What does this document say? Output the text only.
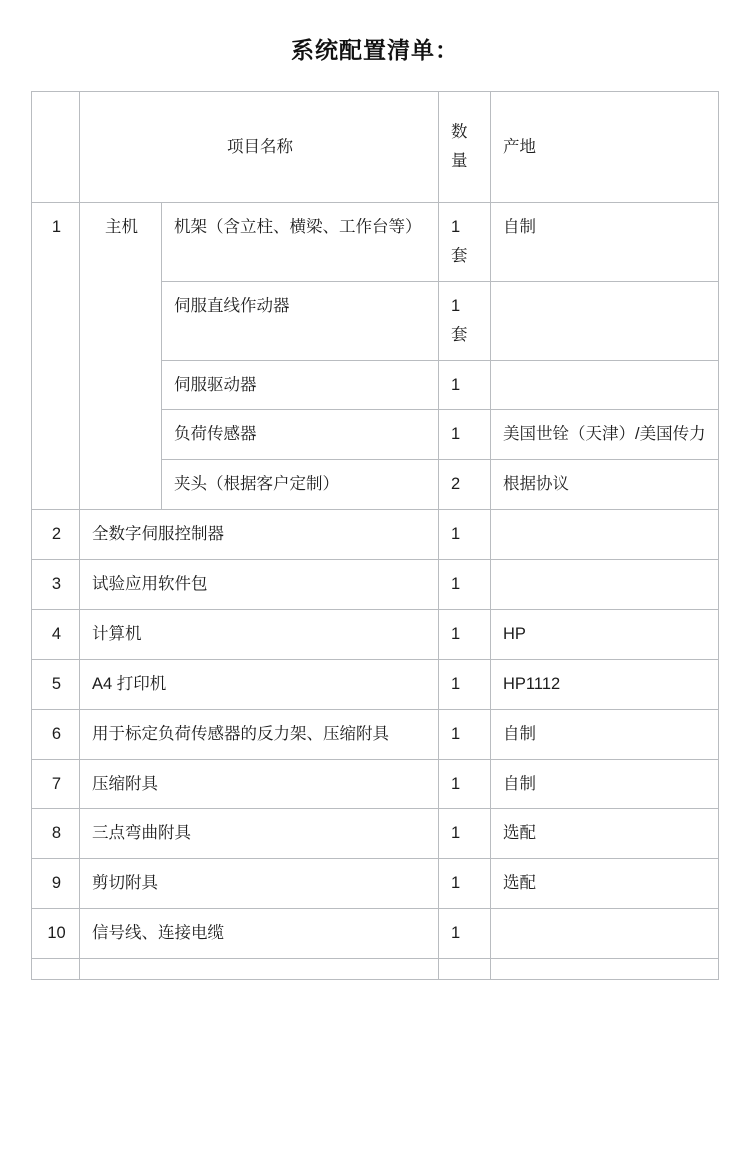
系统配置清单：
	项目名称		数 量	产地
1	主机	机架（含立柱、横梁、工作台等）	1 套	自制
		伺服直线作动器	1 套	
		伺服驱动器	1	
		负荷传感器	1	美国世铨（天津）/美国传力
		夹头（根据客户定制）	2	根据协议
2	全数字伺服控制器		1	
3	试验应用软件包		1	
4	计算机		1	HP
5	A4 打印机		1	HP1112
6	用于标定负荷传感器的反力架、压缩附具		1	自制
7	压缩附具		1	自制
8	三点弯曲附具		1	选配
9	剪切附具		1	选配
10	信号线、连接电缆		1	
